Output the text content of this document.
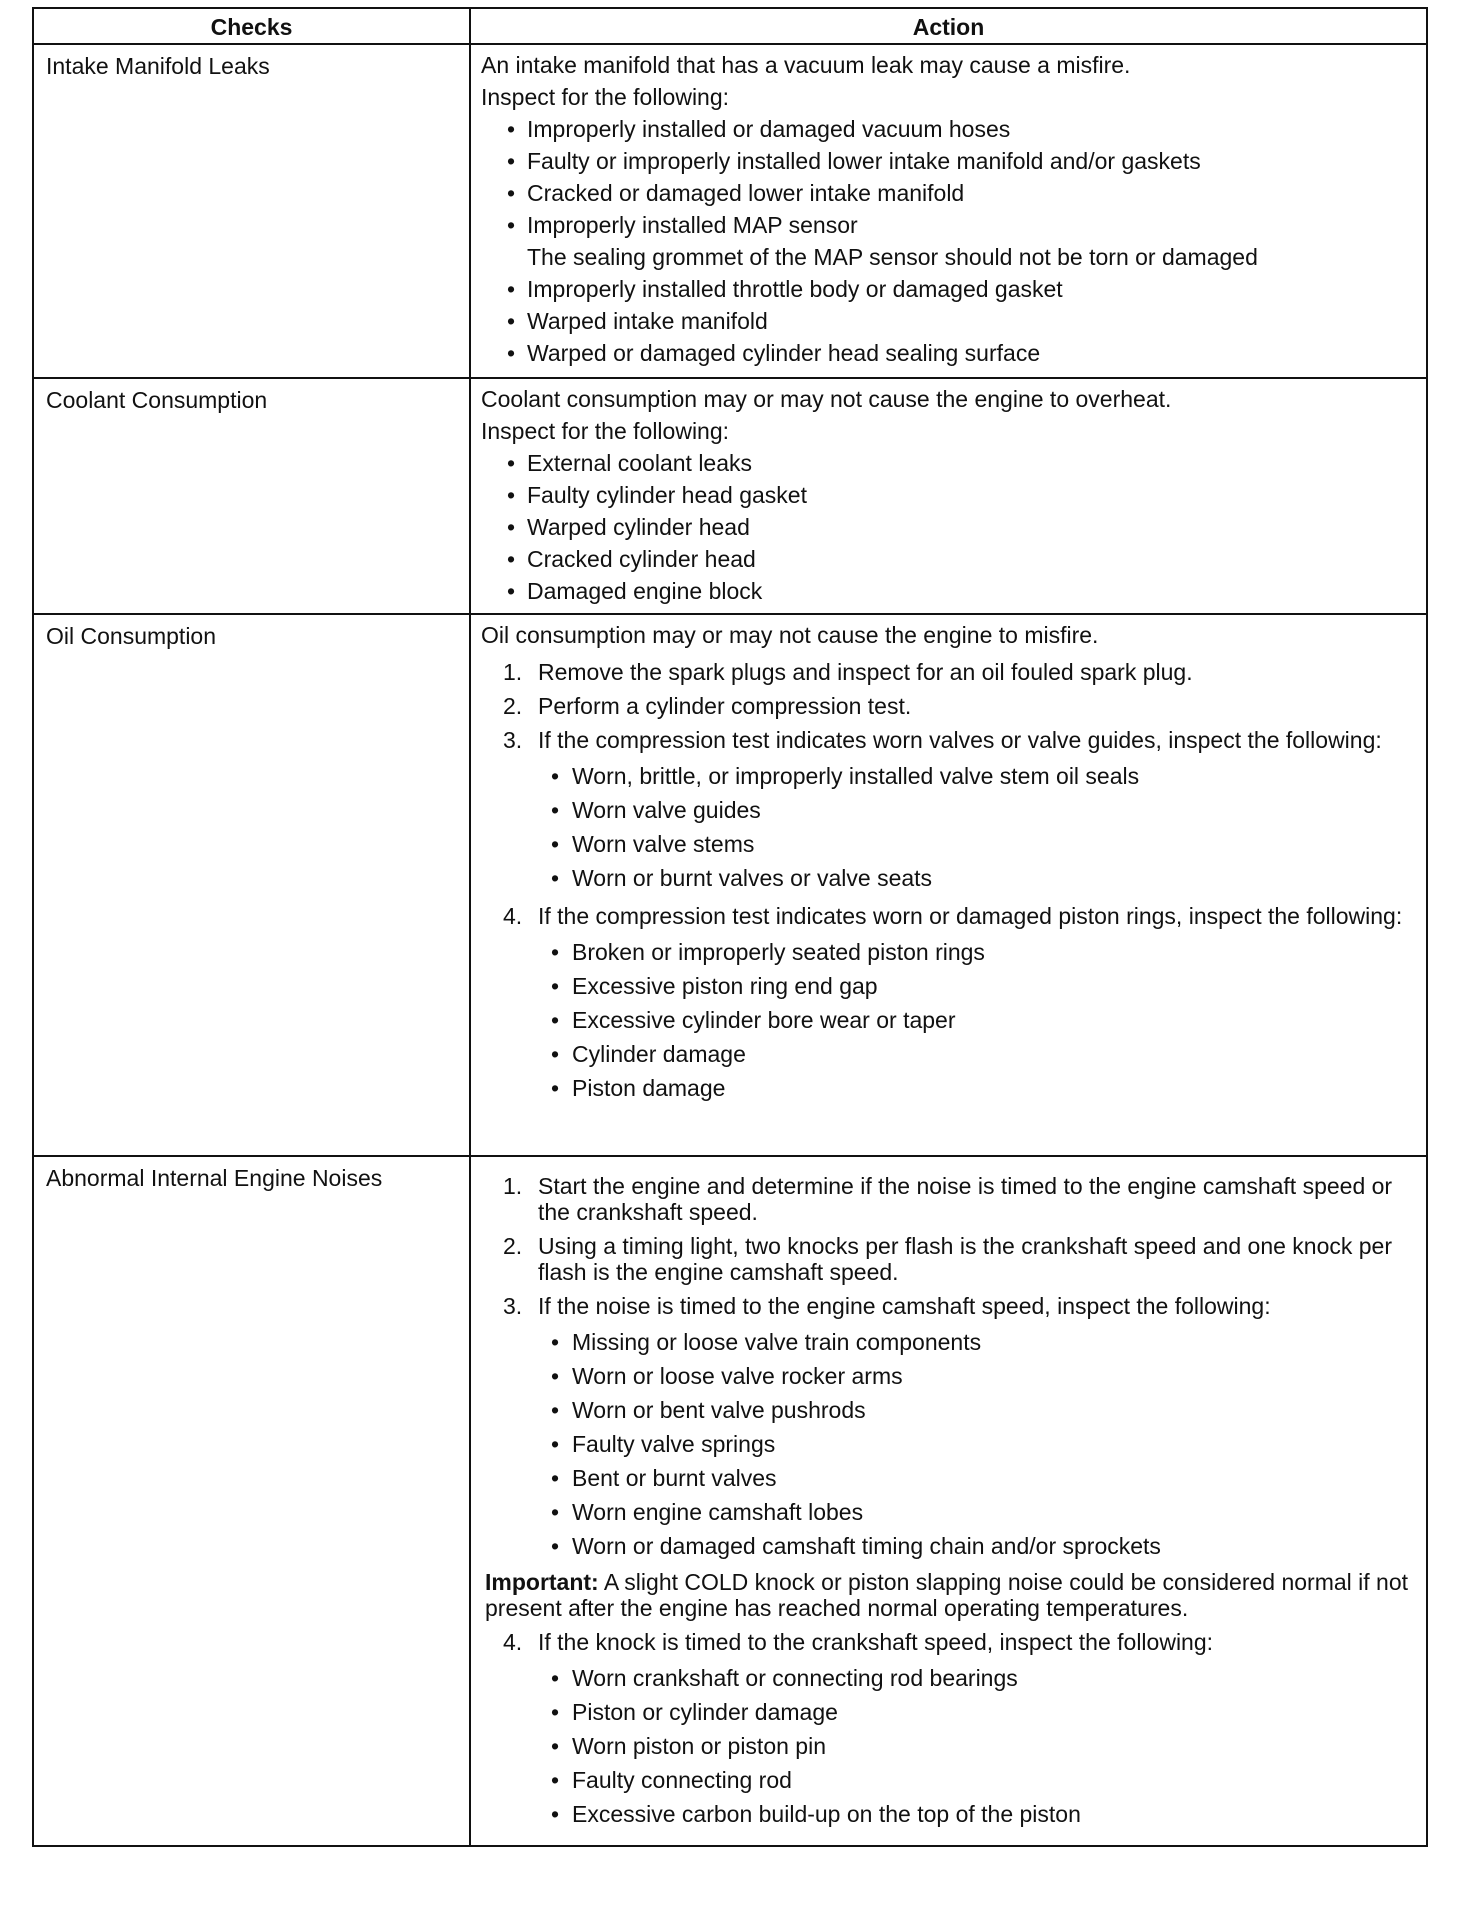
Checks	Action
Intake Manifold Leaks	An intake manifold that has a vacuum leak may cause a misfire.
Inspect for the following:
• Improperly installed or damaged vacuum hoses
• Faulty or improperly installed lower intake manifold and/or gaskets
• Cracked or damaged lower intake manifold
• Improperly installed MAP sensor
The sealing grommet of the MAP sensor should not be torn or damaged
• Improperly installed throttle body or damaged gasket
• Warped intake manifold
• Warped or damaged cylinder head sealing surface
Coolant Consumption	Coolant consumption may or may not cause the engine to overheat.
Inspect for the following:
• External coolant leaks
• Faulty cylinder head gasket
• Warped cylinder head
• Cracked cylinder head
• Damaged engine block
Oil Consumption	Oil consumption may or may not cause the engine to misfire.
1. Remove the spark plugs and inspect for an oil fouled spark plug.
2. Perform a cylinder compression test.
3. If the compression test indicates worn valves or valve guides, inspect the following:
• Worn, brittle, or improperly installed valve stem oil seals
• Worn valve guides
• Worn valve stems
• Worn or burnt valves or valve seats
4. If the compression test indicates worn or damaged piston rings, inspect the following:
• Broken or improperly seated piston rings
• Excessive piston ring end gap
• Excessive cylinder bore wear or taper
• Cylinder damage
• Piston damage
Abnormal Internal Engine Noises	1. Start the engine and determine if the noise is timed to the engine camshaft speed or the crankshaft speed.
2. Using a timing light, two knocks per flash is the crankshaft speed and one knock per flash is the engine camshaft speed.
3. If the noise is timed to the engine camshaft speed, inspect the following:
• Missing or loose valve train components
• Worn or loose valve rocker arms
• Worn or bent valve pushrods
• Faulty valve springs
• Bent or burnt valves
• Worn engine camshaft lobes
• Worn or damaged camshaft timing chain and/or sprockets
Important: A slight COLD knock or piston slapping noise could be considered normal if not present after the engine has reached normal operating temperatures.
4. If the knock is timed to the crankshaft speed, inspect the following:
• Worn crankshaft or connecting rod bearings
• Piston or cylinder damage
• Worn piston or piston pin
• Faulty connecting rod
• Excessive carbon build-up on the top of the piston
